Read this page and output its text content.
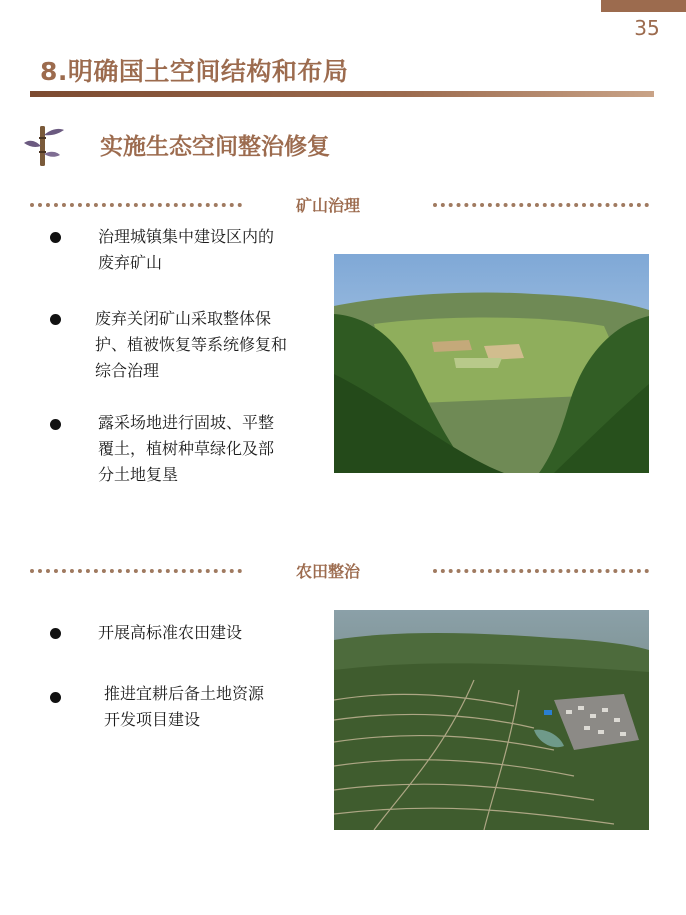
35
8.明确国土空间结构和布局
实施生态空间整治修复
矿山治理
治理城镇集中建设区内的
废弃矿山
废弃关闭矿山采取整体保
护、植被恢复等系统修复和
综合治理
露采场地进行固坡、平整
覆土，植树种草绿化及部
分土地复垦
农田整治
开展高标准农田建设
推进宜耕后备土地资源
开发项目建设
